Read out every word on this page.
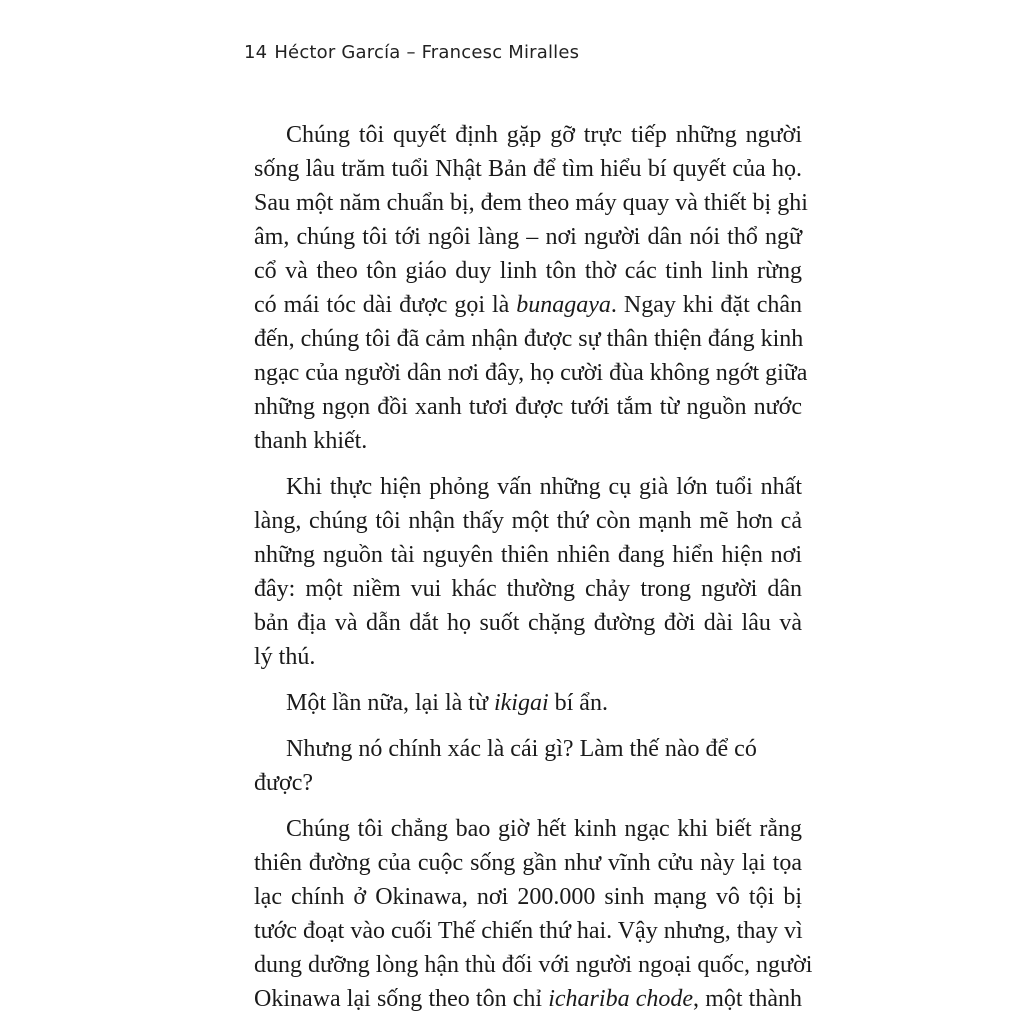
14 Héctor García – Francesc Miralles
Chúng tôi quyết định gặp gỡ trực tiếp những người
sống lâu trăm tuổi Nhật Bản để tìm hiểu bí quyết của họ.
Sau một năm chuẩn bị, đem theo máy quay và thiết bị ghi
âm, chúng tôi tới ngôi làng – nơi người dân nói thổ ngữ
cổ và theo tôn giáo duy linh tôn thờ các tinh linh rừng
có mái tóc dài được gọi là bunagaya. Ngay khi đặt chân
đến, chúng tôi đã cảm nhận được sự thân thiện đáng kinh
ngạc của người dân nơi đây, họ cười đùa không ngớt giữa
những ngọn đồi xanh tươi được tưới tắm từ nguồn nước
thanh khiết.
Khi thực hiện phỏng vấn những cụ già lớn tuổi nhất
làng, chúng tôi nhận thấy một thứ còn mạnh mẽ hơn cả
những nguồn tài nguyên thiên nhiên đang hiển hiện nơi
đây: một niềm vui khác thường chảy trong người dân
bản địa và dẫn dắt họ suốt chặng đường đời dài lâu và
lý thú.
Một lần nữa, lại là từ ikigai bí ẩn.
Nhưng nó chính xác là cái gì? Làm thế nào để có được?
Chúng tôi chẳng bao giờ hết kinh ngạc khi biết rằng
thiên đường của cuộc sống gần như vĩnh cửu này lại tọa
lạc chính ở Okinawa, nơi 200.000 sinh mạng vô tội bị
tước đoạt vào cuối Thế chiến thứ hai. Vậy nhưng, thay vì
dung dưỡng lòng hận thù đối với người ngoại quốc, người
Okinawa lại sống theo tôn chỉ ichariba chode, một thành
